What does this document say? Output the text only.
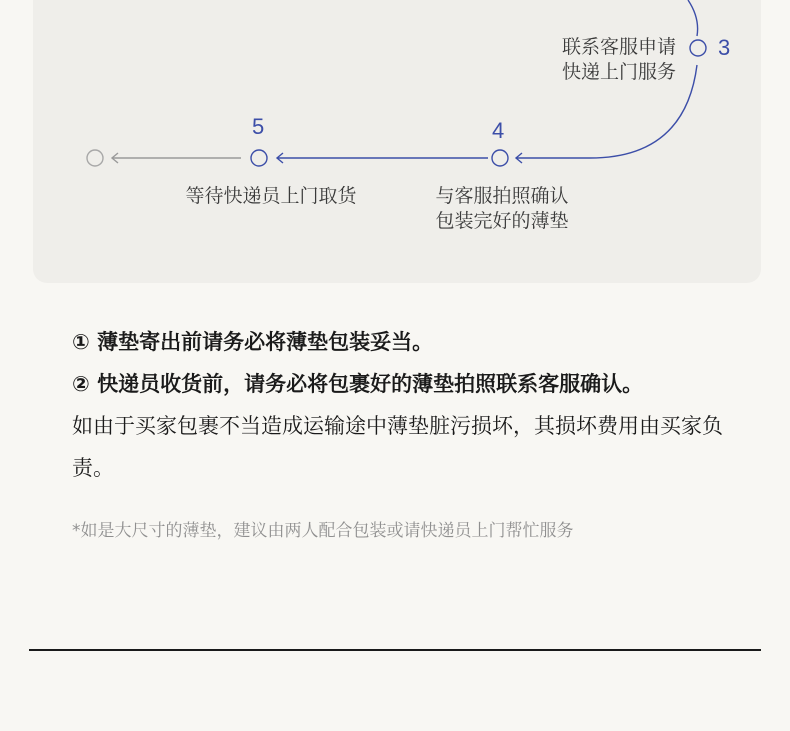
3
联系客服申请
快递上门服务
4
与客服拍照确认
包装完好的薄垫
5
等待快递员上门取货

① 薄垫寄出前请务必将薄垫包装妥当。

② 快递员收货前，请务必将包裹好的薄垫拍照联系客服确认。

如由于买家包裹不当造成运输途中薄垫脏污损坏，其损坏费用由买家负责。

*如是大尺寸的薄垫，建议由两人配合包装或请快递员上门帮忙服务
